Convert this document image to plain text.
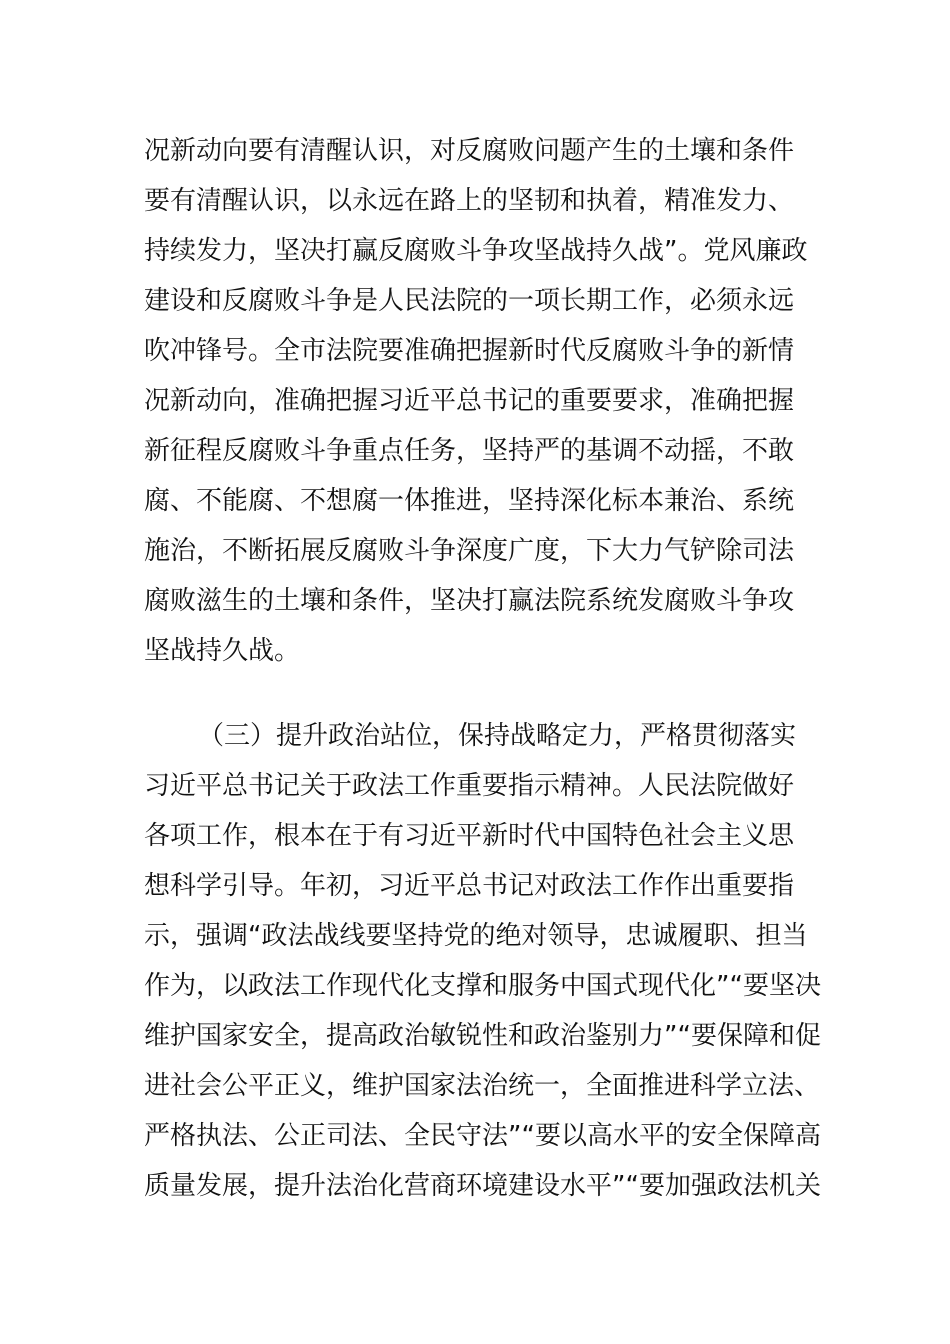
况新动向要有清醒认识，对反腐败问题产生的土壤和条件
要有清醒认识，以永远在路上的坚韧和执着，精准发力、
持续发力，坚决打赢反腐败斗争攻坚战持久战”。党风廉政
建设和反腐败斗争是人民法院的一项长期工作，必须永远
吹冲锋号。全市法院要准确把握新时代反腐败斗争的新情
况新动向，准确把握习近平总书记的重要要求，准确把握
新征程反腐败斗争重点任务，坚持严的基调不动摇，不敢
腐、不能腐、不想腐一体推进，坚持深化标本兼治、系统
施治，不断拓展反腐败斗争深度广度，下大力气铲除司法
腐败滋生的土壤和条件，坚决打赢法院系统发腐败斗争攻
坚战持久战。
（三）提升政治站位，保持战略定力，严格贯彻落实
习近平总书记关于政法工作重要指示精神。人民法院做好
各项工作，根本在于有习近平新时代中国特色社会主义思
想科学引导。年初，习近平总书记对政法工作作出重要指
示，强调“政法战线要坚持党的绝对领导，忠诚履职、担当
作为，以政法工作现代化支撑和服务中国式现代化”“要坚决
维护国家安全，提高政治敏锐性和政治鉴别力”“要保障和促
进社会公平正义，维护国家法治统一，全面推进科学立法、
严格执法、公正司法、全民守法”“要以高水平的安全保障高
质量发展，提升法治化营商环境建设水平”“要加强政法机关
